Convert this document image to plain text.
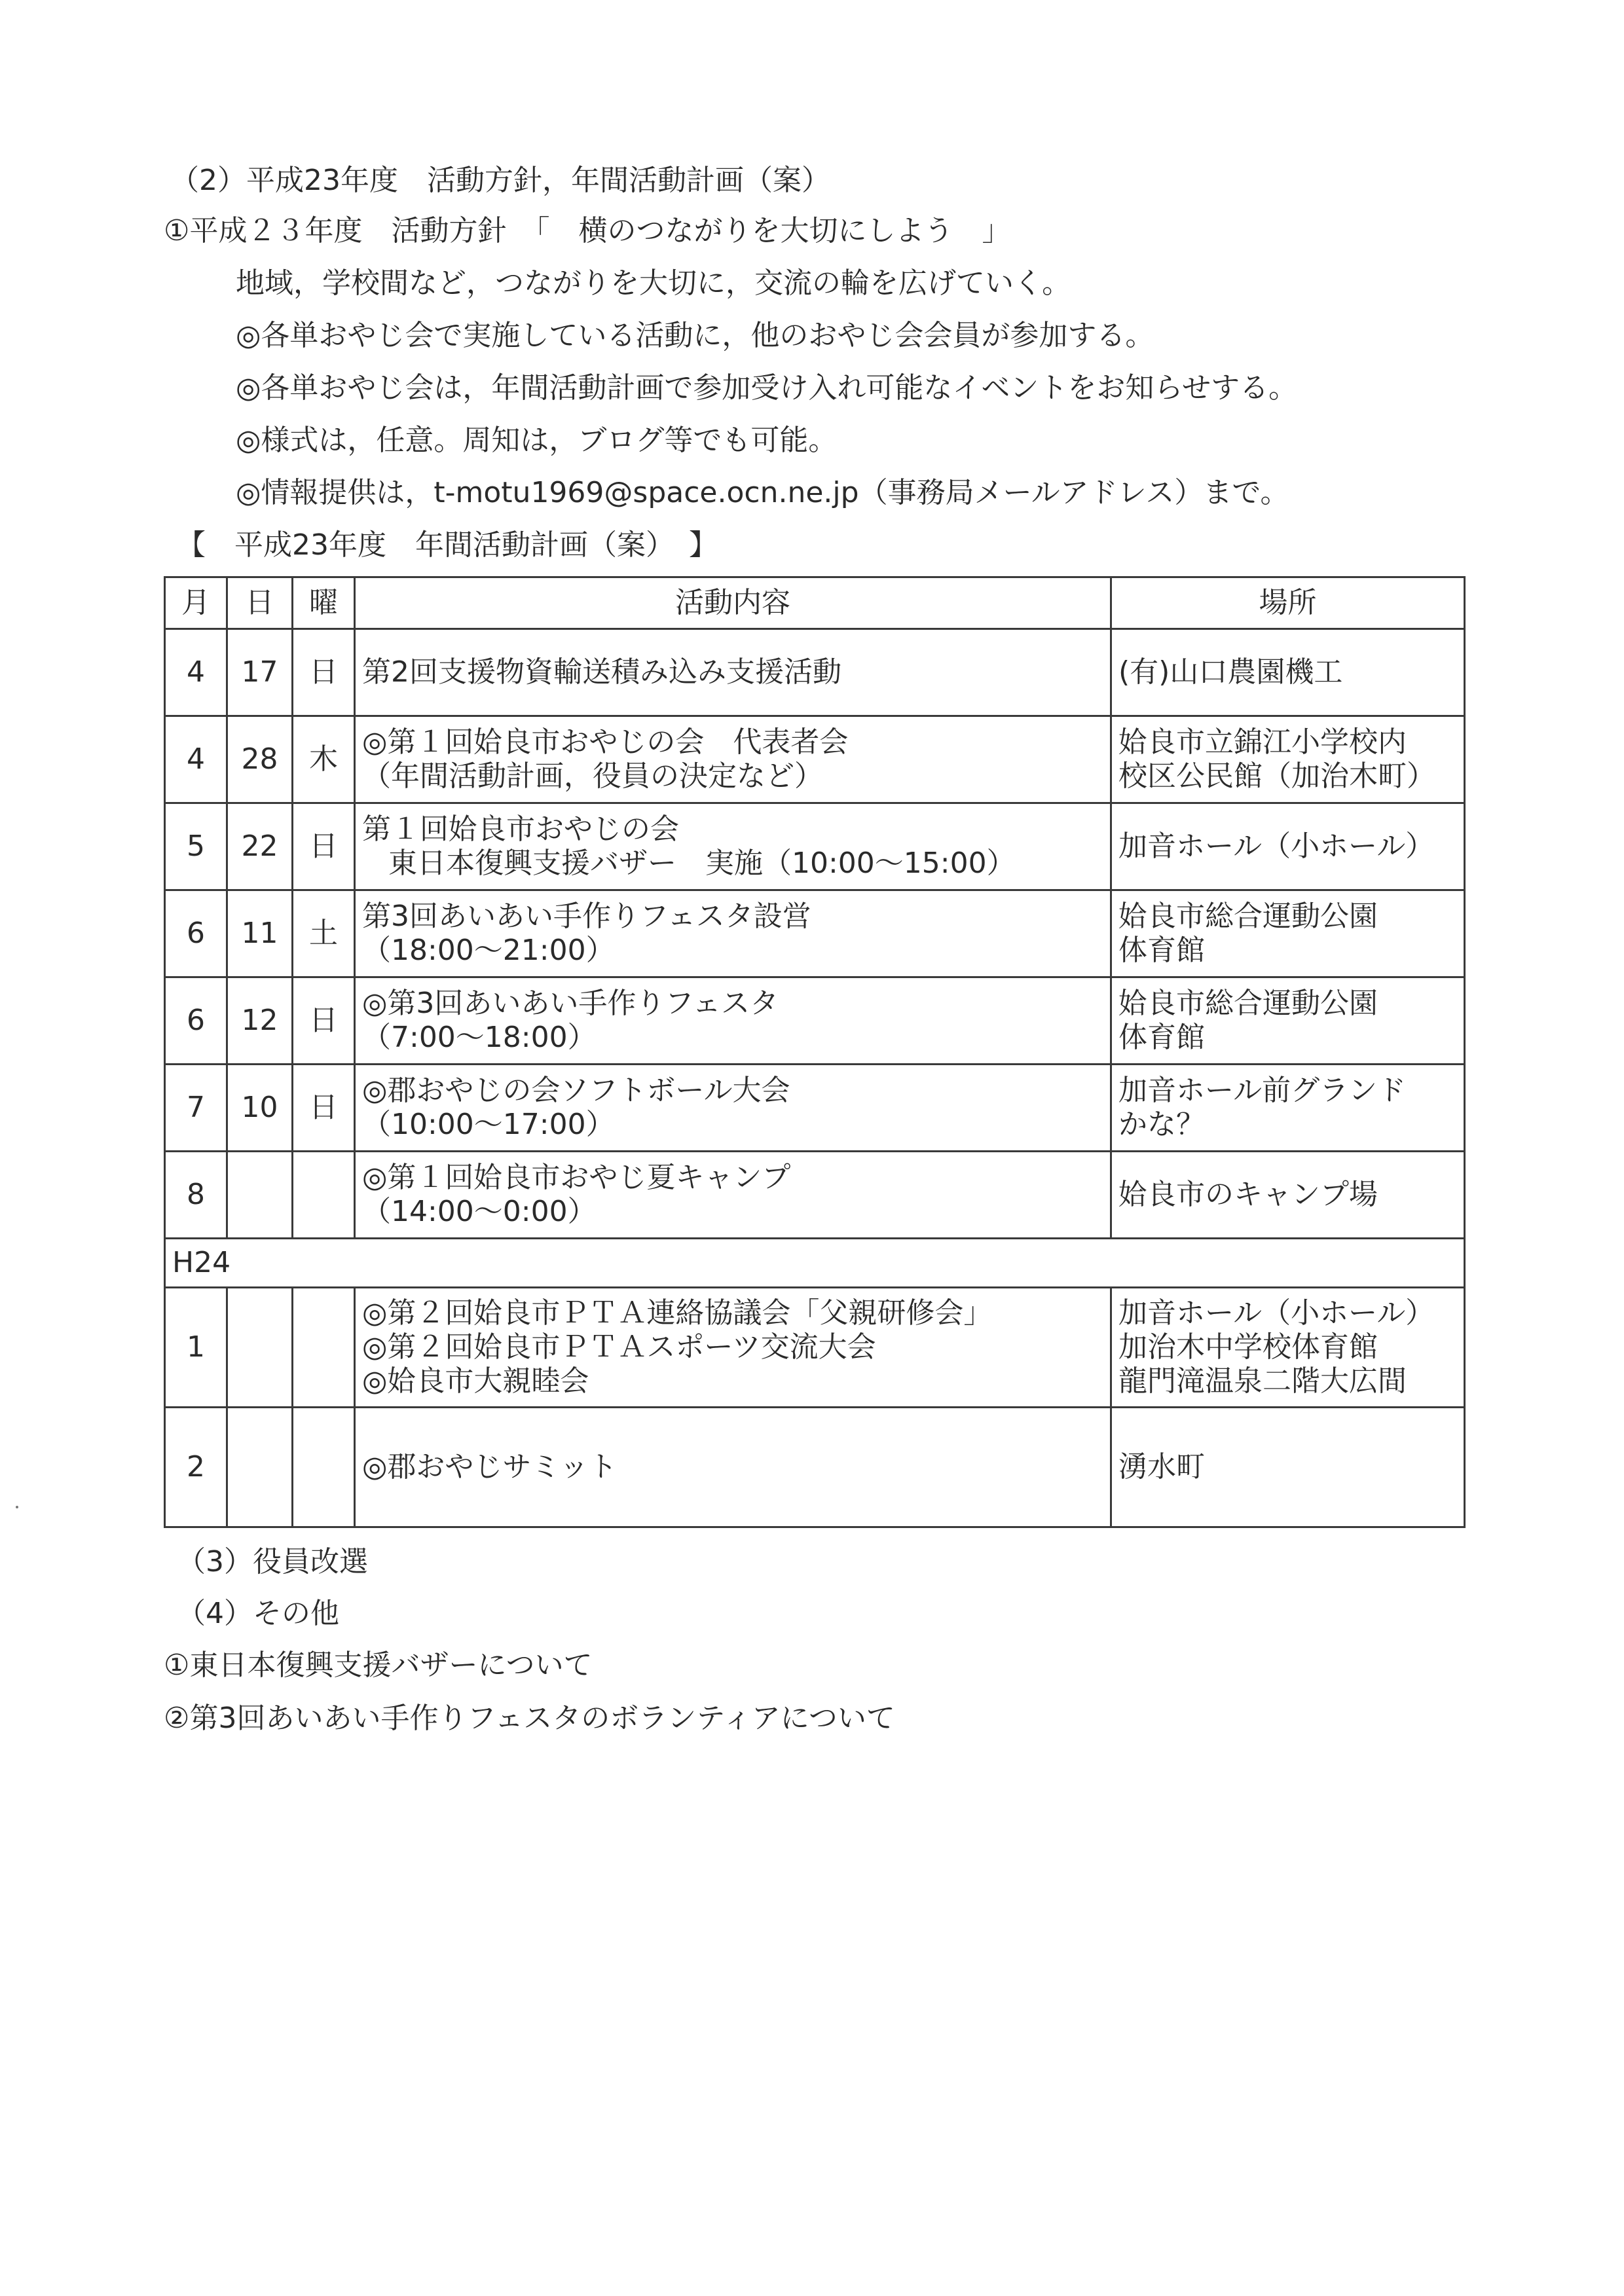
（2）平成23年度　活動方針，年間活動計画（案）
①平成２３年度　活動方針　「　横のつながりを大切にしよう　」
地域，学校間など，つながりを大切に，交流の輪を広げていく。
◎各単おやじ会で実施している活動に，他のおやじ会会員が参加する。
◎各単おやじ会は，年間活動計画で参加受け入れ可能なイベントをお知らせする。
◎様式は，任意。周知は，ブログ等でも可能。
◎情報提供は，t-motu1969@space.ocn.ne.jp（事務局メールアドレス）まで。
【　平成23年度　年間活動計画（案）　】
月	日	曜	活動内容	場所
4	17	日	第2回支援物資輸送積み込み支援活動	(有)山口農園機工

4	28	木	◎第１回姶良市おやじの会　代表者会
（年間活動計画，役員の決定など）	姶良市立錦江小学校内
校区公民館（加治木町）

5	22	日	第１回姶良市おやじの会
東日本復興支援バザー　実施（10:00〜15:00）	加音ホール（小ホール）

6	11	土	第3回あいあい手作りフェスタ設営
（18:00〜21:00）	姶良市総合運動公園
体育館

6	12	日	◎第3回あいあい手作りフェスタ
（7:00〜18:00）	姶良市総合運動公園
体育館

7	10	日	◎郡おやじの会ソフトボール大会
（10:00〜17:00）	加音ホール前グランド
かな？

8			◎第１回姶良市おやじ夏キャンプ
（14:00〜0:00）	姶良市のキャンプ場

H24				
1			◎第２回姶良市ＰＴＡ連絡協議会「父親研修会」
◎第２回姶良市ＰＴＡスポーツ交流大会
◎姶良市大親睦会	加音ホール（小ホール）
加治木中学校体育館
龍門滝温泉二階大広間

2			◎郡おやじサミット	湧水町
（3）役員改選
（4）その他
①東日本復興支援バザーについて
②第3回あいあい手作りフェスタのボランティアについて
